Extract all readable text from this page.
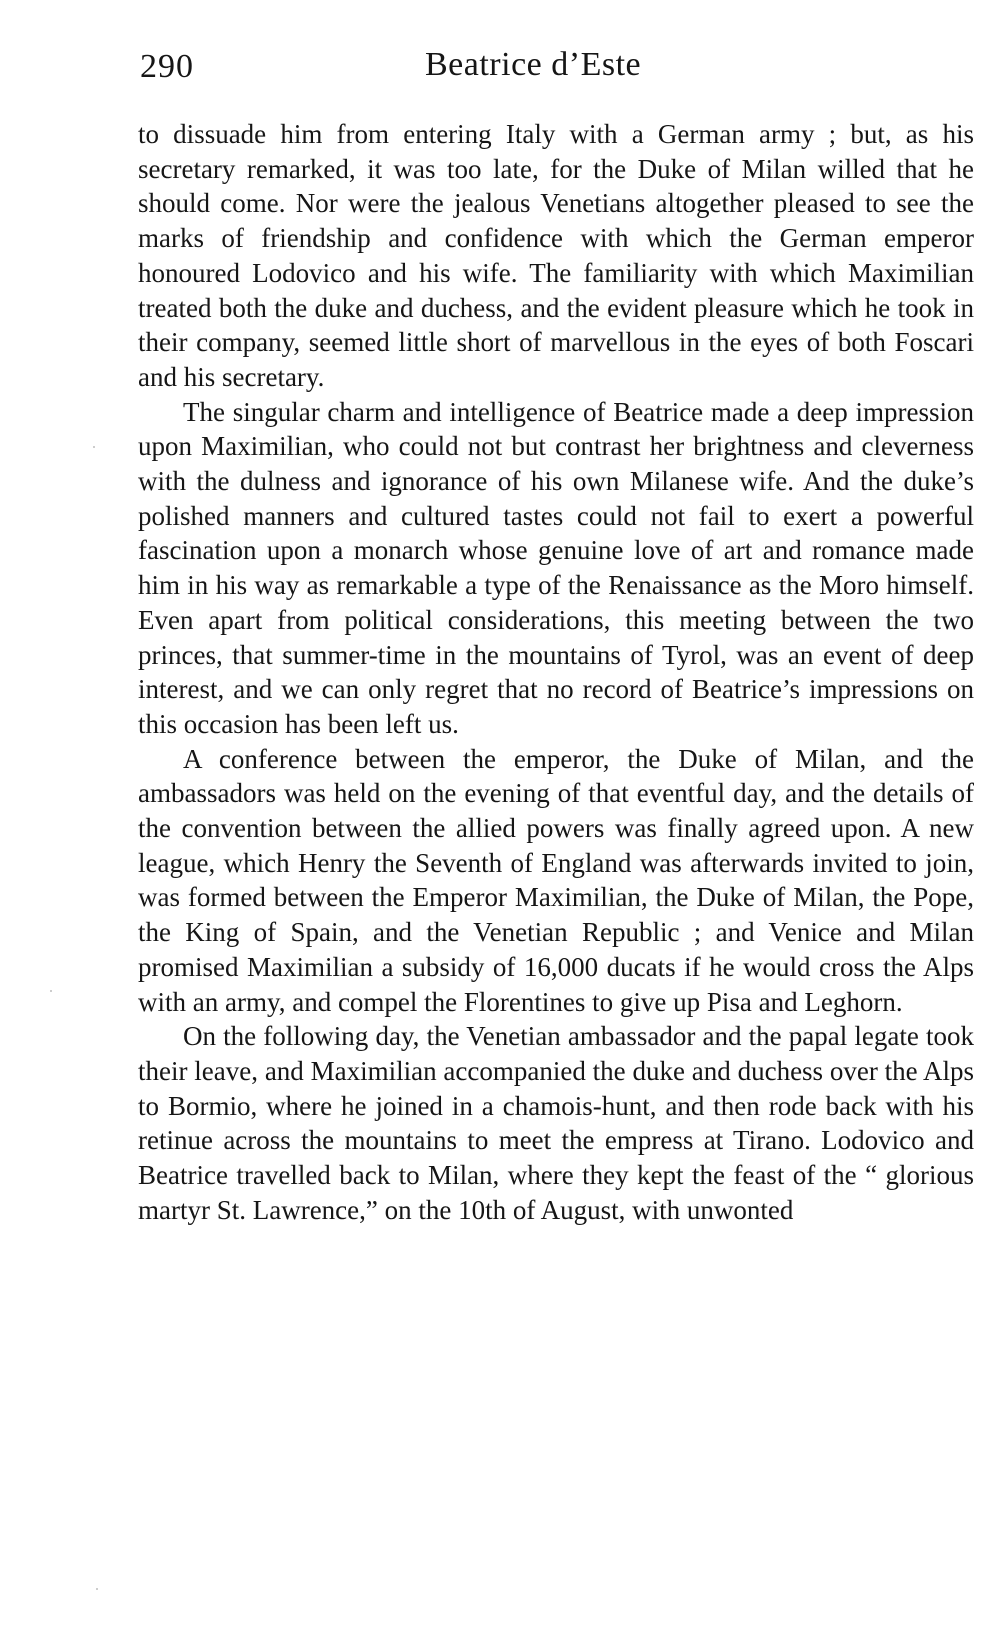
290	Beatrice d’Este

to dissuade him from entering Italy with a German army ; but, as his secretary remarked, it was too late, for the Duke of Milan willed that he should come. Nor were the jealous Venetians altogether pleased to see the marks of friendship and confidence with which the German emperor honoured Lodovico and his wife. The familiarity with which Maximilian treated both the duke and duchess, and the evident pleasure which he took in their company, seemed little short of marvellous in the eyes of both Foscari and his secretary.

The singular charm and intelligence of Beatrice made a deep impression upon Maximilian, who could not but contrast her brightness and cleverness with the dulness and ignorance of his own Milanese wife. And the duke’s polished manners and cultured tastes could not fail to exert a powerful fascination upon a monarch whose genuine love of art and romance made him in his way as remarkable a type of the Renaissance as the Moro himself. Even apart from political considerations, this meeting between the two princes, that summer-time in the mountains of Tyrol, was an event of deep interest, and we can only regret that no record of Beatrice’s impressions on this occasion has been left us.

A conference between the emperor, the Duke of Milan, and the ambassadors was held on the evening of that eventful day, and the details of the convention between the allied powers was finally agreed upon. A new league, which Henry the Seventh of England was afterwards invited to join, was formed between the Emperor Maximilian, the Duke of Milan, the Pope, the King of Spain, and the Venetian Republic ; and Venice and Milan promised Maximilian a subsidy of 16,000 ducats if he would cross the Alps with an army, and compel the Florentines to give up Pisa and Leghorn.

On the following day, the Venetian ambassador and the papal legate took their leave, and Maximilian accompanied the duke and duchess over the Alps to Bormio, where he joined in a chamois-hunt, and then rode back with his retinue across the mountains to meet the empress at Tirano. Lodovico and Beatrice travelled back to Milan, where they kept the feast of the “ glorious martyr St. Lawrence,” on the 10th of August, with unwonted
